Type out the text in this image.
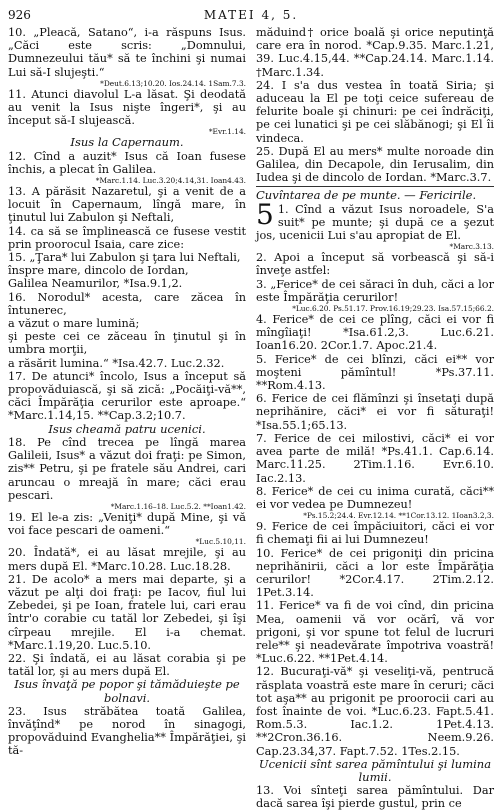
926	MATEI 4, 5.

10. „Pleacă, Satano“, i-a răspuns Isus. „Căci este scris: „Domnului, Dumnezeului tău* să te închini şi numai Lui să-I slujeşti.“

*Deut.6.13;10.20. Ios.24.14. 1Sam.7.3.

11. Atunci diavolul L-a lăsat. Şi deodată au venit la Isus nişte îngeri*, şi au început să-I slujească.

*Evr.1.14.

Isus la Capernaum.

12. Cînd a auzit* Isus că Ioan fusese închis, a plecat în Galilea.

*Marc.1.14. Luc.3.20;4.14,31. Ioan4.43.

13. A părăsit Nazaretul, şi a venit de a locuit în Capernaum, lîngă mare, în ţinutul lui Zabulon şi Neftali,

14. ca să se împlinească ce fusese vestit prin proorocul Isaia, care zice:

15. „Ţara* lui Zabulon şi ţara lui Neftali,

înspre mare, dincolo de Iordan,

Galilea Neamurilor, *Isa.9.1,2.

16. Norodul* acesta, care zăcea în întunerec,

a văzut o mare lumină;

şi peste cei ce zăceau în ţinutul şi în umbra morţii,

a răsărit lumina.“ *Isa.42.7. Luc.2.32.

17. De atunci* încolo, Isus a început să propovăduiască, şi să zică: „Pocăiţi-vă**, căci Împărăţia cerurilor este aproape.“ *Marc.1.14,15. **Cap.3.2;10.7.

Isus cheamă patru ucenici.

18. Pe cînd trecea pe lîngă marea Galileii, Isus* a văzut doi fraţi: pe Simon, zis** Petru, şi pe fratele său Andrei, cari aruncau o mreajă în mare; căci erau pescari.

*Marc.1.16–18. Luc.5.2. **Ioan1.42.

19. El le-a zis: „Veniţi* după Mine, şi vă voi face pescari de oameni.“

*Luc.5.10,11.

20. Îndată*, ei au lăsat mrejile, şi au mers după El. *Marc.10.28. Luc.18.28.

21. De acolo* a mers mai departe, şi a văzut pe alţi doi fraţi: pe Iacov, fiul lui Zebedei, şi pe Ioan, fratele lui, cari erau într'o corabie cu tatăl lor Zebedei, şi îşi cîrpeau mrejile. El i-a chemat. *Marc.1.19,20. Luc.5.10.

22. Şi îndată, ei au lăsat corabia şi pe tatăl lor, şi au mers după El.

Isus învaţă pe popor şi tămăduieşte pe bolnavi.

23. Isus străbătea toată Galilea, învăţînd* pe norod în sinagogi, propovăduind Evanghelia** Împărăţiei, şi tă-

măduind† orice boală şi orice neputinţă care era în norod. *Cap.9.35. Marc.1.21, 39. Luc.4.15,44. **Cap.24.14. Marc.1.14. †Marc.1.34.

24. I s'a dus vestea în toată Siria; şi aduceau la El pe toţi ceice sufereau de felurite boale şi chinuri: pe cei îndrăciţi, pe cei lunatici şi pe cei slăbănogi; şi El îi vindeca.

25. După El au mers* multe noroade din Galilea, din Decapole, din Ierusalim, din Iudea şi de dincolo de Iordan. *Marc.3.7.

Cuvîntarea de pe munte. — Fericirile.

5 1. Cînd a văzut Isus noroadele, S'a suit* pe munte; şi după ce a şezut jos, ucenicii Lui s'au apropiat de El.

*Marc.3.13.

2. Apoi a început să vorbească şi să-i înveţe astfel:

3. „Ferice* de cei săraci în duh, căci a lor este Împărăţia cerurilor!

*Luc.6.20. Ps.51.17. Prov.16.19;29.23. Isa.57.15;66.2.

4. Ferice* de cei ce plîng, căci ei vor fi mîngîiaţi! *Isa.61.2,3. Luc.6.21. Ioan16.20. 2Cor.1.7. Apoc.21.4.

5. Ferice* de cei blînzi, căci ei** vor moşteni pămîntul! *Ps.37.11. **Rom.4.13.

6. Ferice de cei flămînzi şi însetaţi după neprihănire, căci* ei vor fi săturaţi! *Isa.55.1;65.13.

7. Ferice de cei milostivi, căci* ei vor avea parte de milă! *Ps.41.1. Cap.6.14. Marc.11.25. 2Tim.1.16. Evr.6.10. Iac.2.13.

8. Ferice* de cei cu inima curată, căci** ei vor vedea pe Dumnezeu!

*Ps.15.2;24.4. Evr.12.14. **1Cor.13.12. 1Ioan3.2,3.

9. Ferice de cei împăciuitori, căci ei vor fi chemaţi fii ai lui Dumnezeu!

10. Ferice* de cei prigoniţi din pricina neprihănirii, căci a lor este Împărăţia cerurilor! *2Cor.4.17. 2Tim.2.12. 1Pet.3.14.

11. Ferice* va fi de voi cînd, din pricina Mea, oamenii vă vor ocărî, vă vor prigoni, şi vor spune tot felul de lucruri rele** şi neadevărate împotriva voastră! *Luc.6.22. **1Pet.4.14.

12. Bucuraţi-vă* şi veseliţi-vă, pentrucă răsplata voastră este mare în ceruri; căci tot aşa** au prigonit pe proorocii cari au fost înainte de voi. *Luc.6.23. Fapt.5.41. Rom.5.3. Iac.1.2. 1Pet.4.13. **2Cron.36.16. Neem.9.26. Cap.23.34,37. Fapt.7.52. 1Tes.2.15.

Ucenicii sînt sarea pămîntului şi lumina lumii.

13. Voi sînteţi sarea pămîntului. Dar dacă sarea îşi pierde gustul, prin ce
